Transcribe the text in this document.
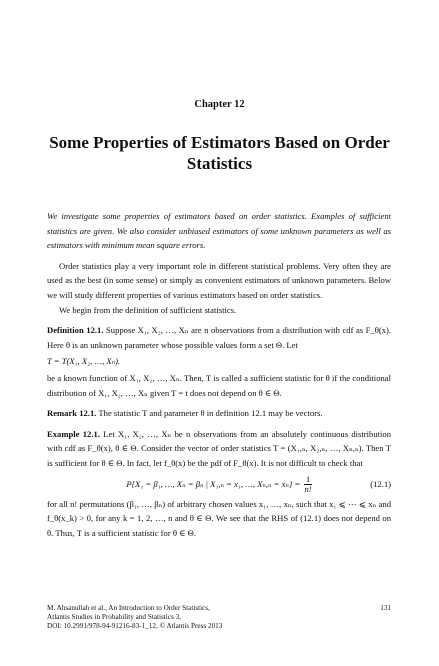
Chapter 12
Some Properties of Estimators Based on Order Statistics

We investigate some properties of estimators based on order statistics. Examples of sufficient statistics are given. We also consider unbiased estimators of some unknown parameters as well as estimators with minimum mean square errors.

Order statistics play a very important role in different statistical problems. Very often they are used as the best (in some sense) or simply as convenient estimators of unknown parameters. Below we will study different properties of various estimators based on order statistics.

We begin from the definition of sufficient statistics.

Definition 12.1. Suppose X₁, X₂, …, Xₙ are n observations from a distribution with cdf as F_θ(x). Here θ is an unknown parameter whose possible values form a set Θ. Let

T = T(X₁, X₂, …, Xₙ).

be a known function of X₁, X₂, …, Xₙ. Then, T is called a sufficient statistic for θ if the conditional distribution of X₁, X₂, …, Xₙ given T = t does not depend on θ ∈ Θ.

Remark 12.1. The statistic T and parameter θ in definition 12.1 may be vectors.

Example 12.1. Let X₁, X₂, …, Xₙ be n observations from an absolutely continuous distribution with cdf as F_θ(x), θ ∈ Θ. Consider the vector of order statistics T = (X₁,ₙ, X₂,ₙ, …, Xₙ,ₙ). Then T is sufficient for θ ∈ Θ. In fact, let f_θ(x) be the pdf of F_θ(x). It is not difficult to check that

P{X₁ = β₁, …, Xₙ = βₙ | X₁,ₙ = x₁, …, $X_n,_n = x_n\} = \frac{1}{n!}$	(12.1)

for all n! permutations (β₁, …, βₙ) of arbitrary chosen values x₁, …, xₙ, such that x₁ ⩽ ⋯ ⩽ xₙ and f_θ(x_k) > 0, for any k = 1, 2, …, n and θ ∈ Θ. We see that the RHS of (12.1) does not depend on θ. Thus, T is a sufficient statistic for θ ∈ Θ.

M. Ahsanullah et al., An Introduction to Order Statistics,
Atlantis Studies in Probability and Statistics 3,
DOI: 10.2991/978-94-91216-83-1_12, © Atlantis Press 2013
131
